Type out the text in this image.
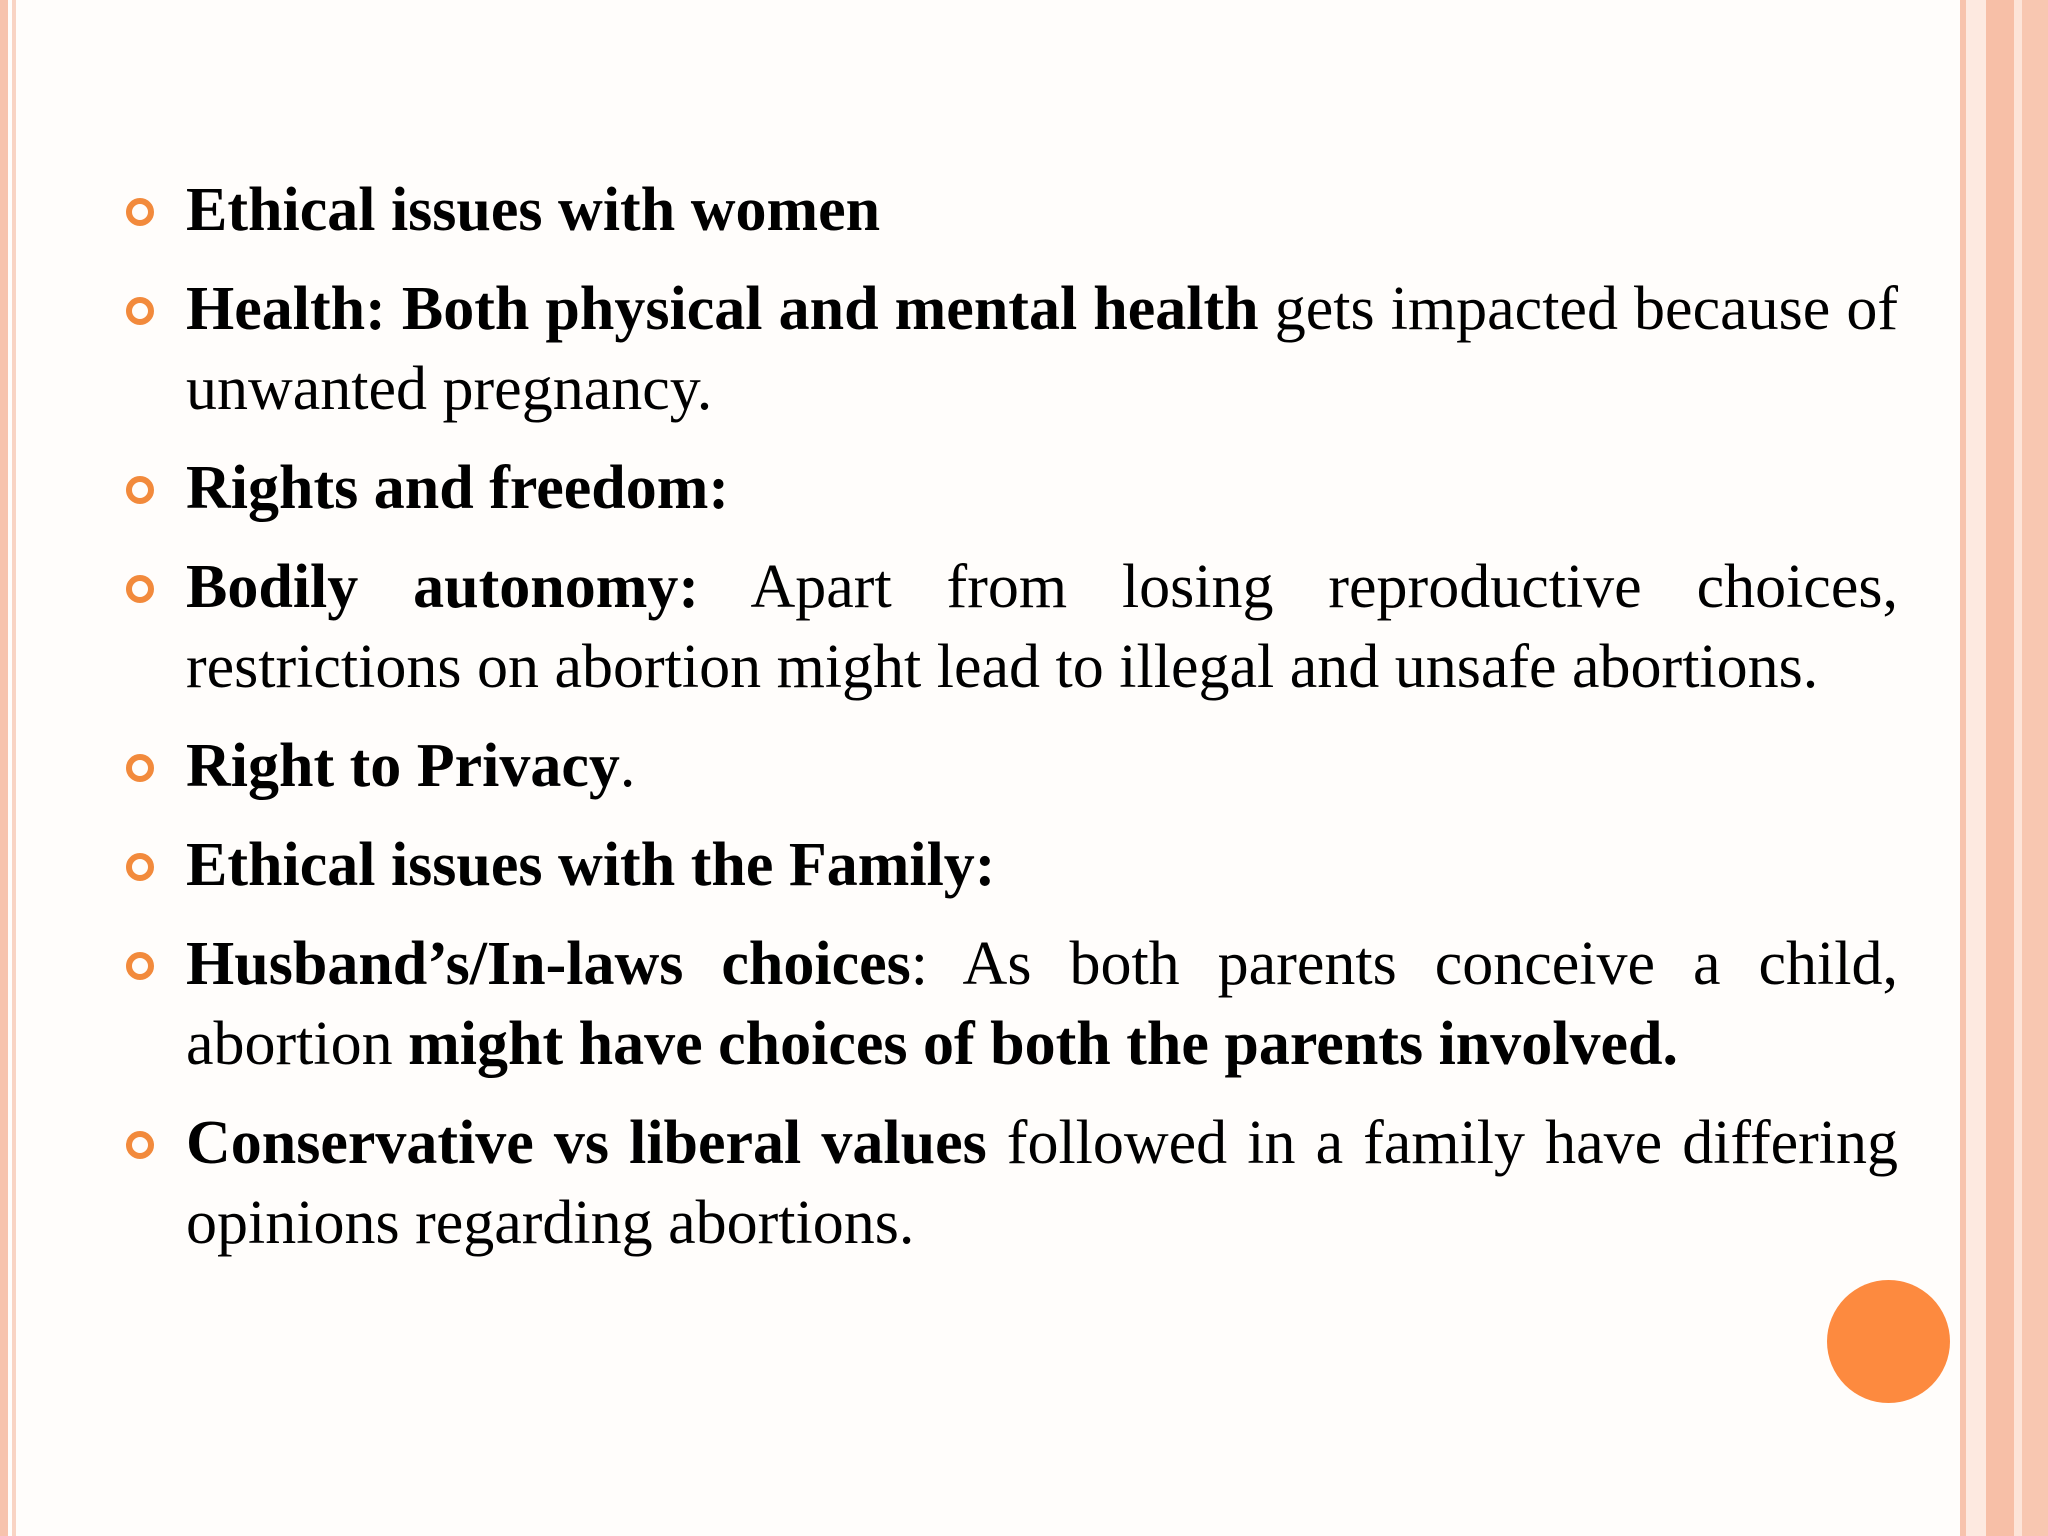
Ethical issues with women
Health: Both physical and mental health gets impacted because of unwanted pregnancy.
Rights and freedom:
Bodily autonomy: Apart from losing reproductive choices, restrictions on abortion might lead to illegal and unsafe abortions.
Right to Privacy.
Ethical issues with the Family:
Husband’s/In-laws choices: As both parents conceive a child, abortion might have choices of both the parents involved.
Conservative vs liberal values followed in a family have differing opinions regarding abortions.
